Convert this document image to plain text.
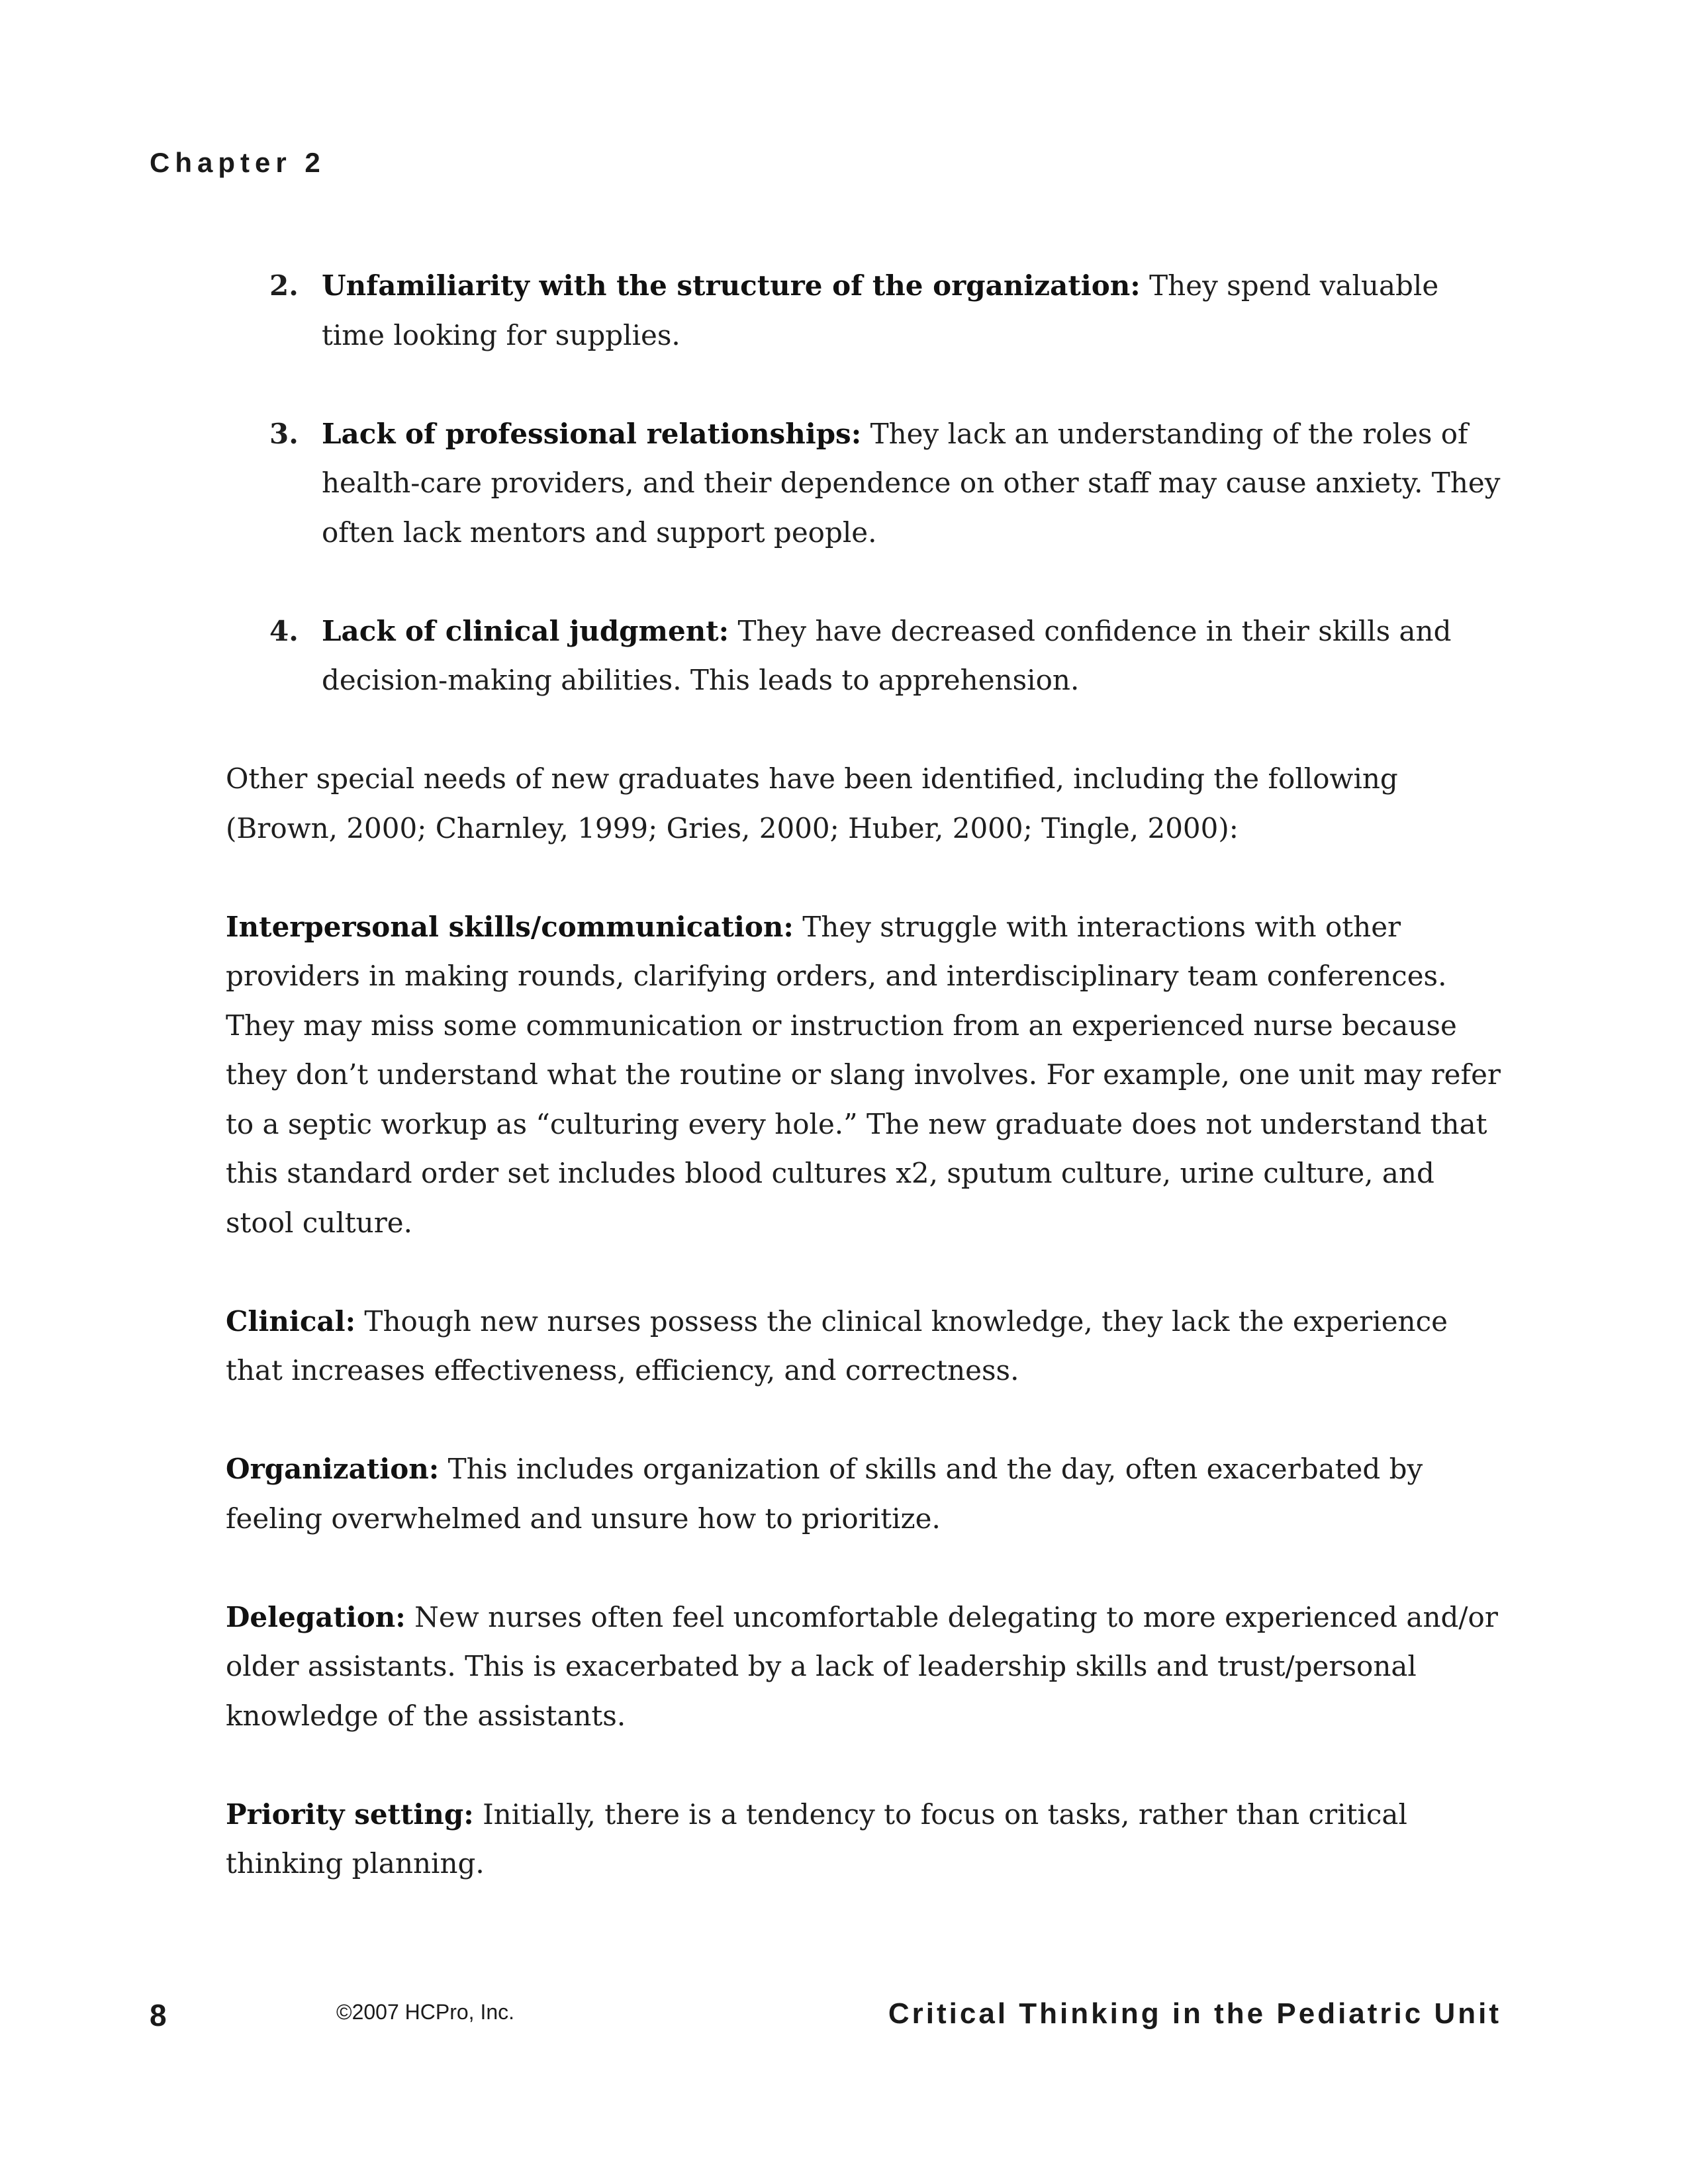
Chapter 2
2. Unfamiliarity with the structure of the organization: They spend valuable time looking for supplies.
3. Lack of professional relationships: They lack an understanding of the roles of health-care providers, and their dependence on other staff may cause anxiety. They often lack mentors and support people.
4. Lack of clinical judgment: They have decreased confidence in their skills and decision-making abilities. This leads to apprehension.

Other special needs of new graduates have been identified, including the following (Brown, 2000; Charnley, 1999; Gries, 2000; Huber, 2000; Tingle, 2000):

Interpersonal skills/communication: They struggle with interactions with other providers in making rounds, clarifying orders, and interdisciplinary team conferences. They may miss some communication or instruction from an experienced nurse because they don’t understand what the routine or slang involves. For example, one unit may refer to a septic workup as “culturing every hole.” The new graduate does not understand that this standard order set includes blood cultures x2, sputum culture, urine culture, and stool culture.

Clinical: Though new nurses possess the clinical knowledge, they lack the experience that increases effectiveness, efficiency, and correctness.

Organization: This includes organization of skills and the day, often exacerbated by feeling overwhelmed and unsure how to prioritize.

Delegation: New nurses often feel uncomfortable delegating to more experienced and/or older assistants. This is exacerbated by a lack of leadership skills and trust/personal knowledge of the assistants.

Priority setting: Initially, there is a tendency to focus on tasks, rather than critical thinking planning.

8	©2007 HCPro, Inc.	Critical Thinking in the Pediatric Unit
